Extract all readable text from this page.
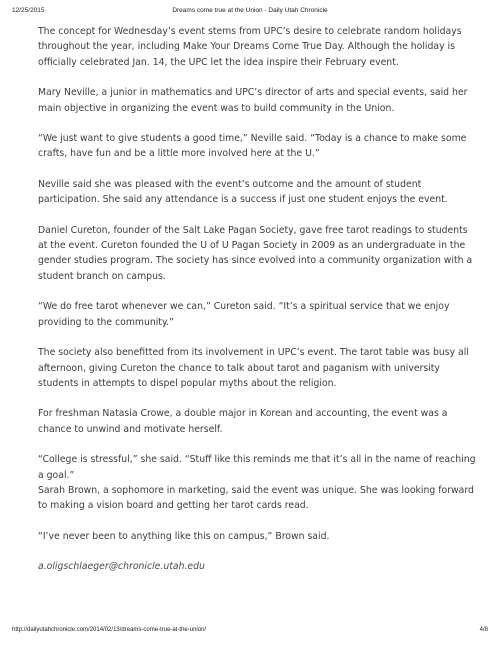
12/25/2015	Dreams come true at the Union - Daily Utah Chronicle

The concept for Wednesday’s event stems from UPC’s desire to celebrate random holidays throughout the year, including Make Your Dreams Come True Day. Although the holiday is officially celebrated Jan. 14, the UPC let the idea inspire their February event.

Mary Neville, a junior in mathematics and UPC’s director of arts and special events, said her main objective in organizing the event was to build community in the Union.

“We just want to give students a good time,” Neville said. “Today is a chance to make some crafts, have fun and be a little more involved here at the U.”

Neville said she was pleased with the event’s outcome and the amount of student participation. She said any attendance is a success if just one student enjoys the event.

Daniel Cureton, founder of the Salt Lake Pagan Society, gave free tarot readings to students at the event. Cureton founded the U of U Pagan Society in 2009 as an undergraduate in the gender studies program. The society has since evolved into a community organization with a student branch on campus.

“We do free tarot whenever we can,” Cureton said. “It’s a spiritual service that we enjoy providing to the community.”

The society also benefitted from its involvement in UPC’s event. The tarot table was busy all afternoon, giving Cureton the chance to talk about tarot and paganism with university students in attempts to dispel popular myths about the religion.

For freshman Natasia Crowe, a double major in Korean and accounting, the event was a chance to unwind and motivate herself.

“College is stressful,” she said. “Stuff like this reminds me that it’s all in the name of reaching a goal.”

Sarah Brown, a sophomore in marketing, said the event was unique. She was looking forward to making a vision board and getting her tarot cards read.

“I’ve never been to anything like this on campus,” Brown said.

a.oligschlaeger@chronicle.utah.edu

http://dailyutahchronicle.com/2014/02/13/dreams-come-true-at-the-union/	4/8
